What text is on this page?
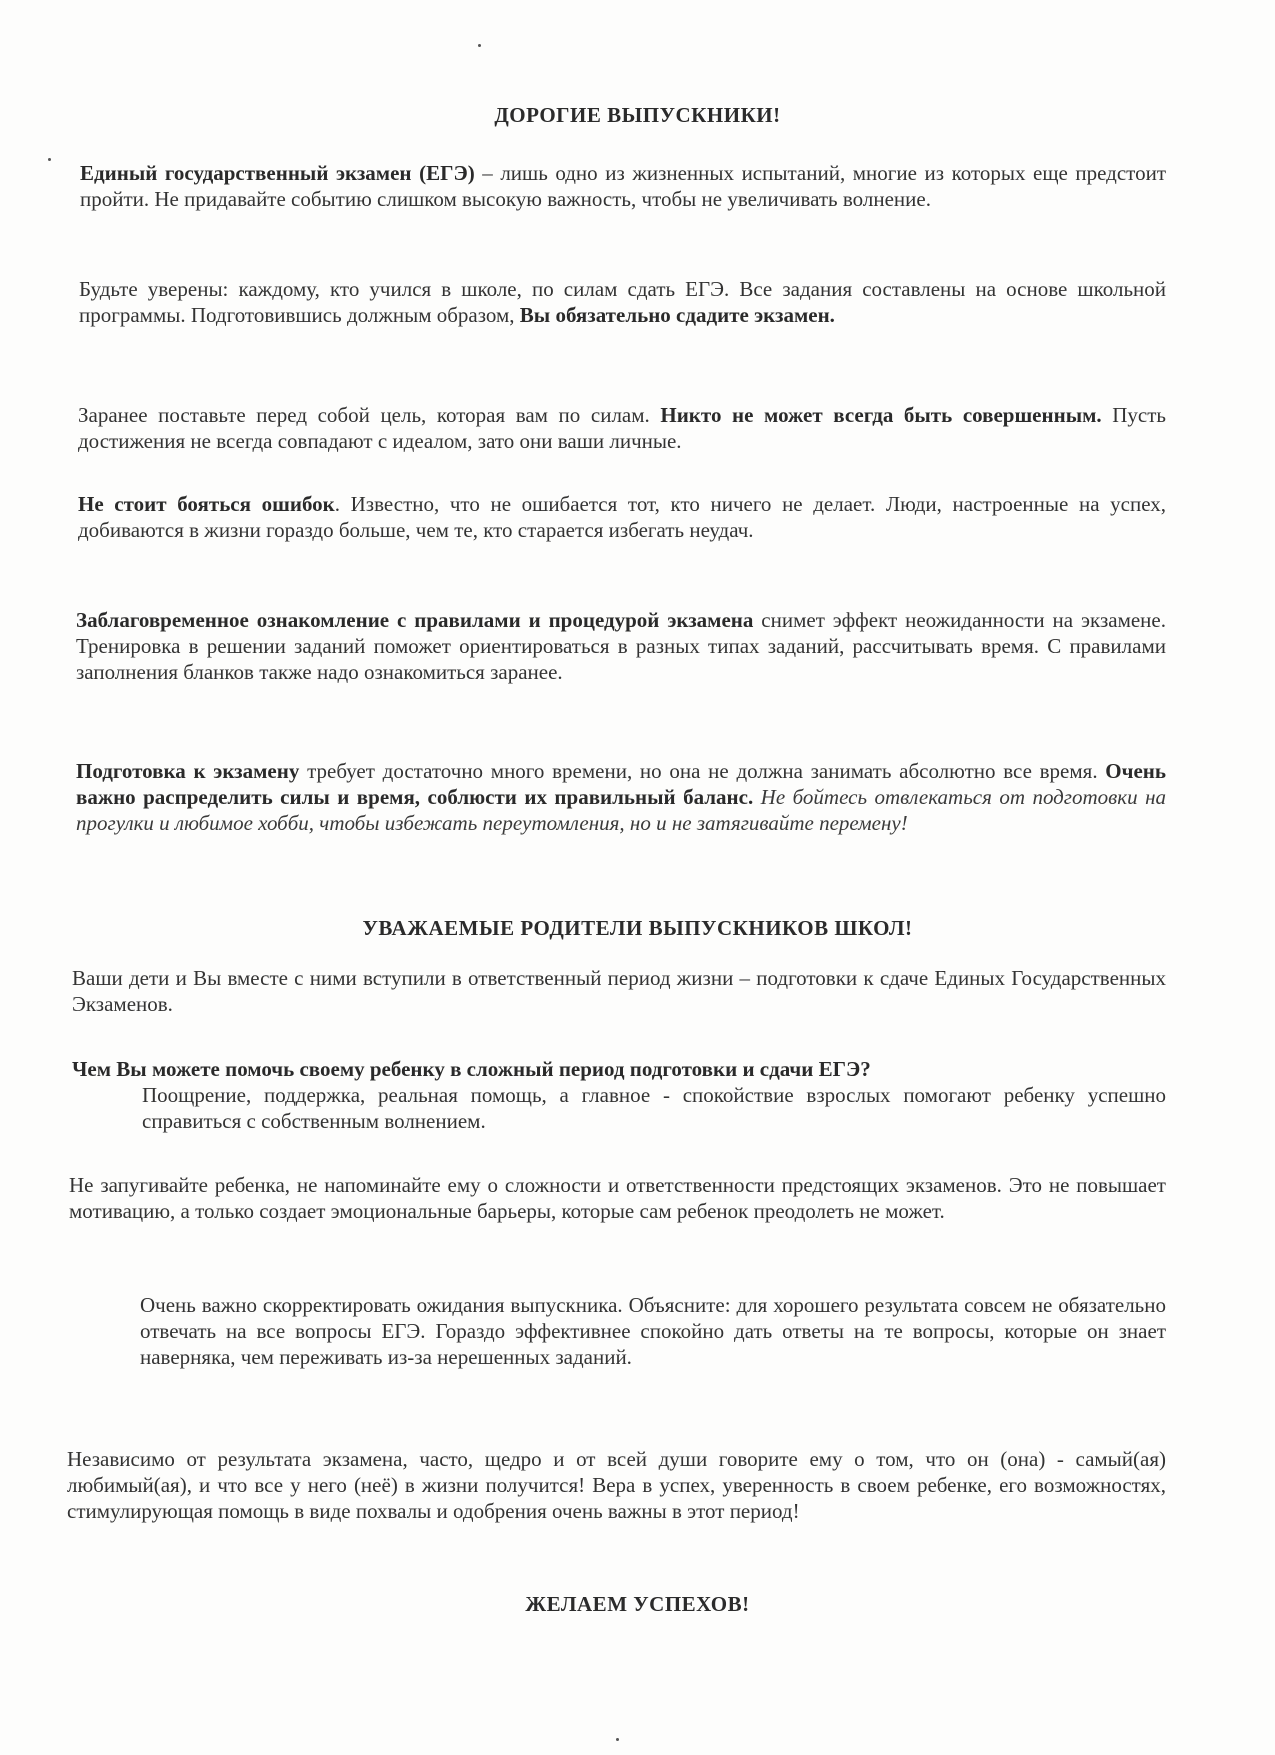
ДОРОГИЕ ВЫПУСКНИКИ!
Единый государственный экзамен (ЕГЭ) – лишь одно из жизненных испытаний, многие из которых еще предстоит пройти. Не придавайте событию слишком высокую важность, чтобы не увеличивать волнение.
Будьте уверены: каждому, кто учился в школе, по силам сдать ЕГЭ. Все задания составлены на основе школьной программы. Подготовившись должным образом, Вы обязательно сдадите экзамен.
Заранее поставьте перед собой цель, которая вам по силам. Никто не может всегда быть совершенным. Пусть достижения не всегда совпадают с идеалом, зато они ваши личные.
Не стоит бояться ошибок. Известно, что не ошибается тот, кто ничего не делает. Люди, настроенные на успех, добиваются в жизни гораздо больше, чем те, кто старается избегать неудач.
Заблаговременное ознакомление с правилами и процедурой экзамена снимет эффект неожиданности на экзамене. Тренировка в решении заданий поможет ориентироваться в разных типах заданий, рассчитывать время. С правилами заполнения бланков также надо ознакомиться заранее.
Подготовка к экзамену требует достаточно много времени, но она не должна занимать абсолютно все время. Очень важно распределить силы и время, соблюсти их правильный баланс. Не бойтесь отвлекаться от подготовки на прогулки и любимое хобби, чтобы избежать переутомления, но и не затягивайте перемену!
УВАЖАЕМЫЕ РОДИТЕЛИ ВЫПУСКНИКОВ ШКОЛ!
Ваши дети и Вы вместе с ними вступили в ответственный период жизни – подготовки к сдаче Единых Государственных Экзаменов.
Чем Вы можете помочь своему ребенку в сложный период подготовки и сдачи ЕГЭ?
Поощрение, поддержка, реальная помощь, а главное - спокойствие взрослых помогают ребенку успешно справиться с собственным волнением.
Не запугивайте ребенка, не напоминайте ему о сложности и ответственности предстоящих экзаменов. Это не повышает мотивацию, а только создает эмоциональные барьеры, которые сам ребенок преодолеть не может.
Очень важно скорректировать ожидания выпускника. Объясните: для хорошего результата совсем не обязательно отвечать на все вопросы ЕГЭ. Гораздо эффективнее спокойно дать ответы на те вопросы, которые он знает наверняка, чем переживать из-за нерешенных заданий.
Независимо от результата экзамена, часто, щедро и от всей души говорите ему о том, что он (она) - самый(ая) любимый(ая), и что все у него (неё) в жизни получится! Вера в успех, уверенность в своем ребенке, его возможностях, стимулирующая помощь в виде похвалы и одобрения очень важны в этот период!
ЖЕЛАЕМ УСПЕХОВ!
